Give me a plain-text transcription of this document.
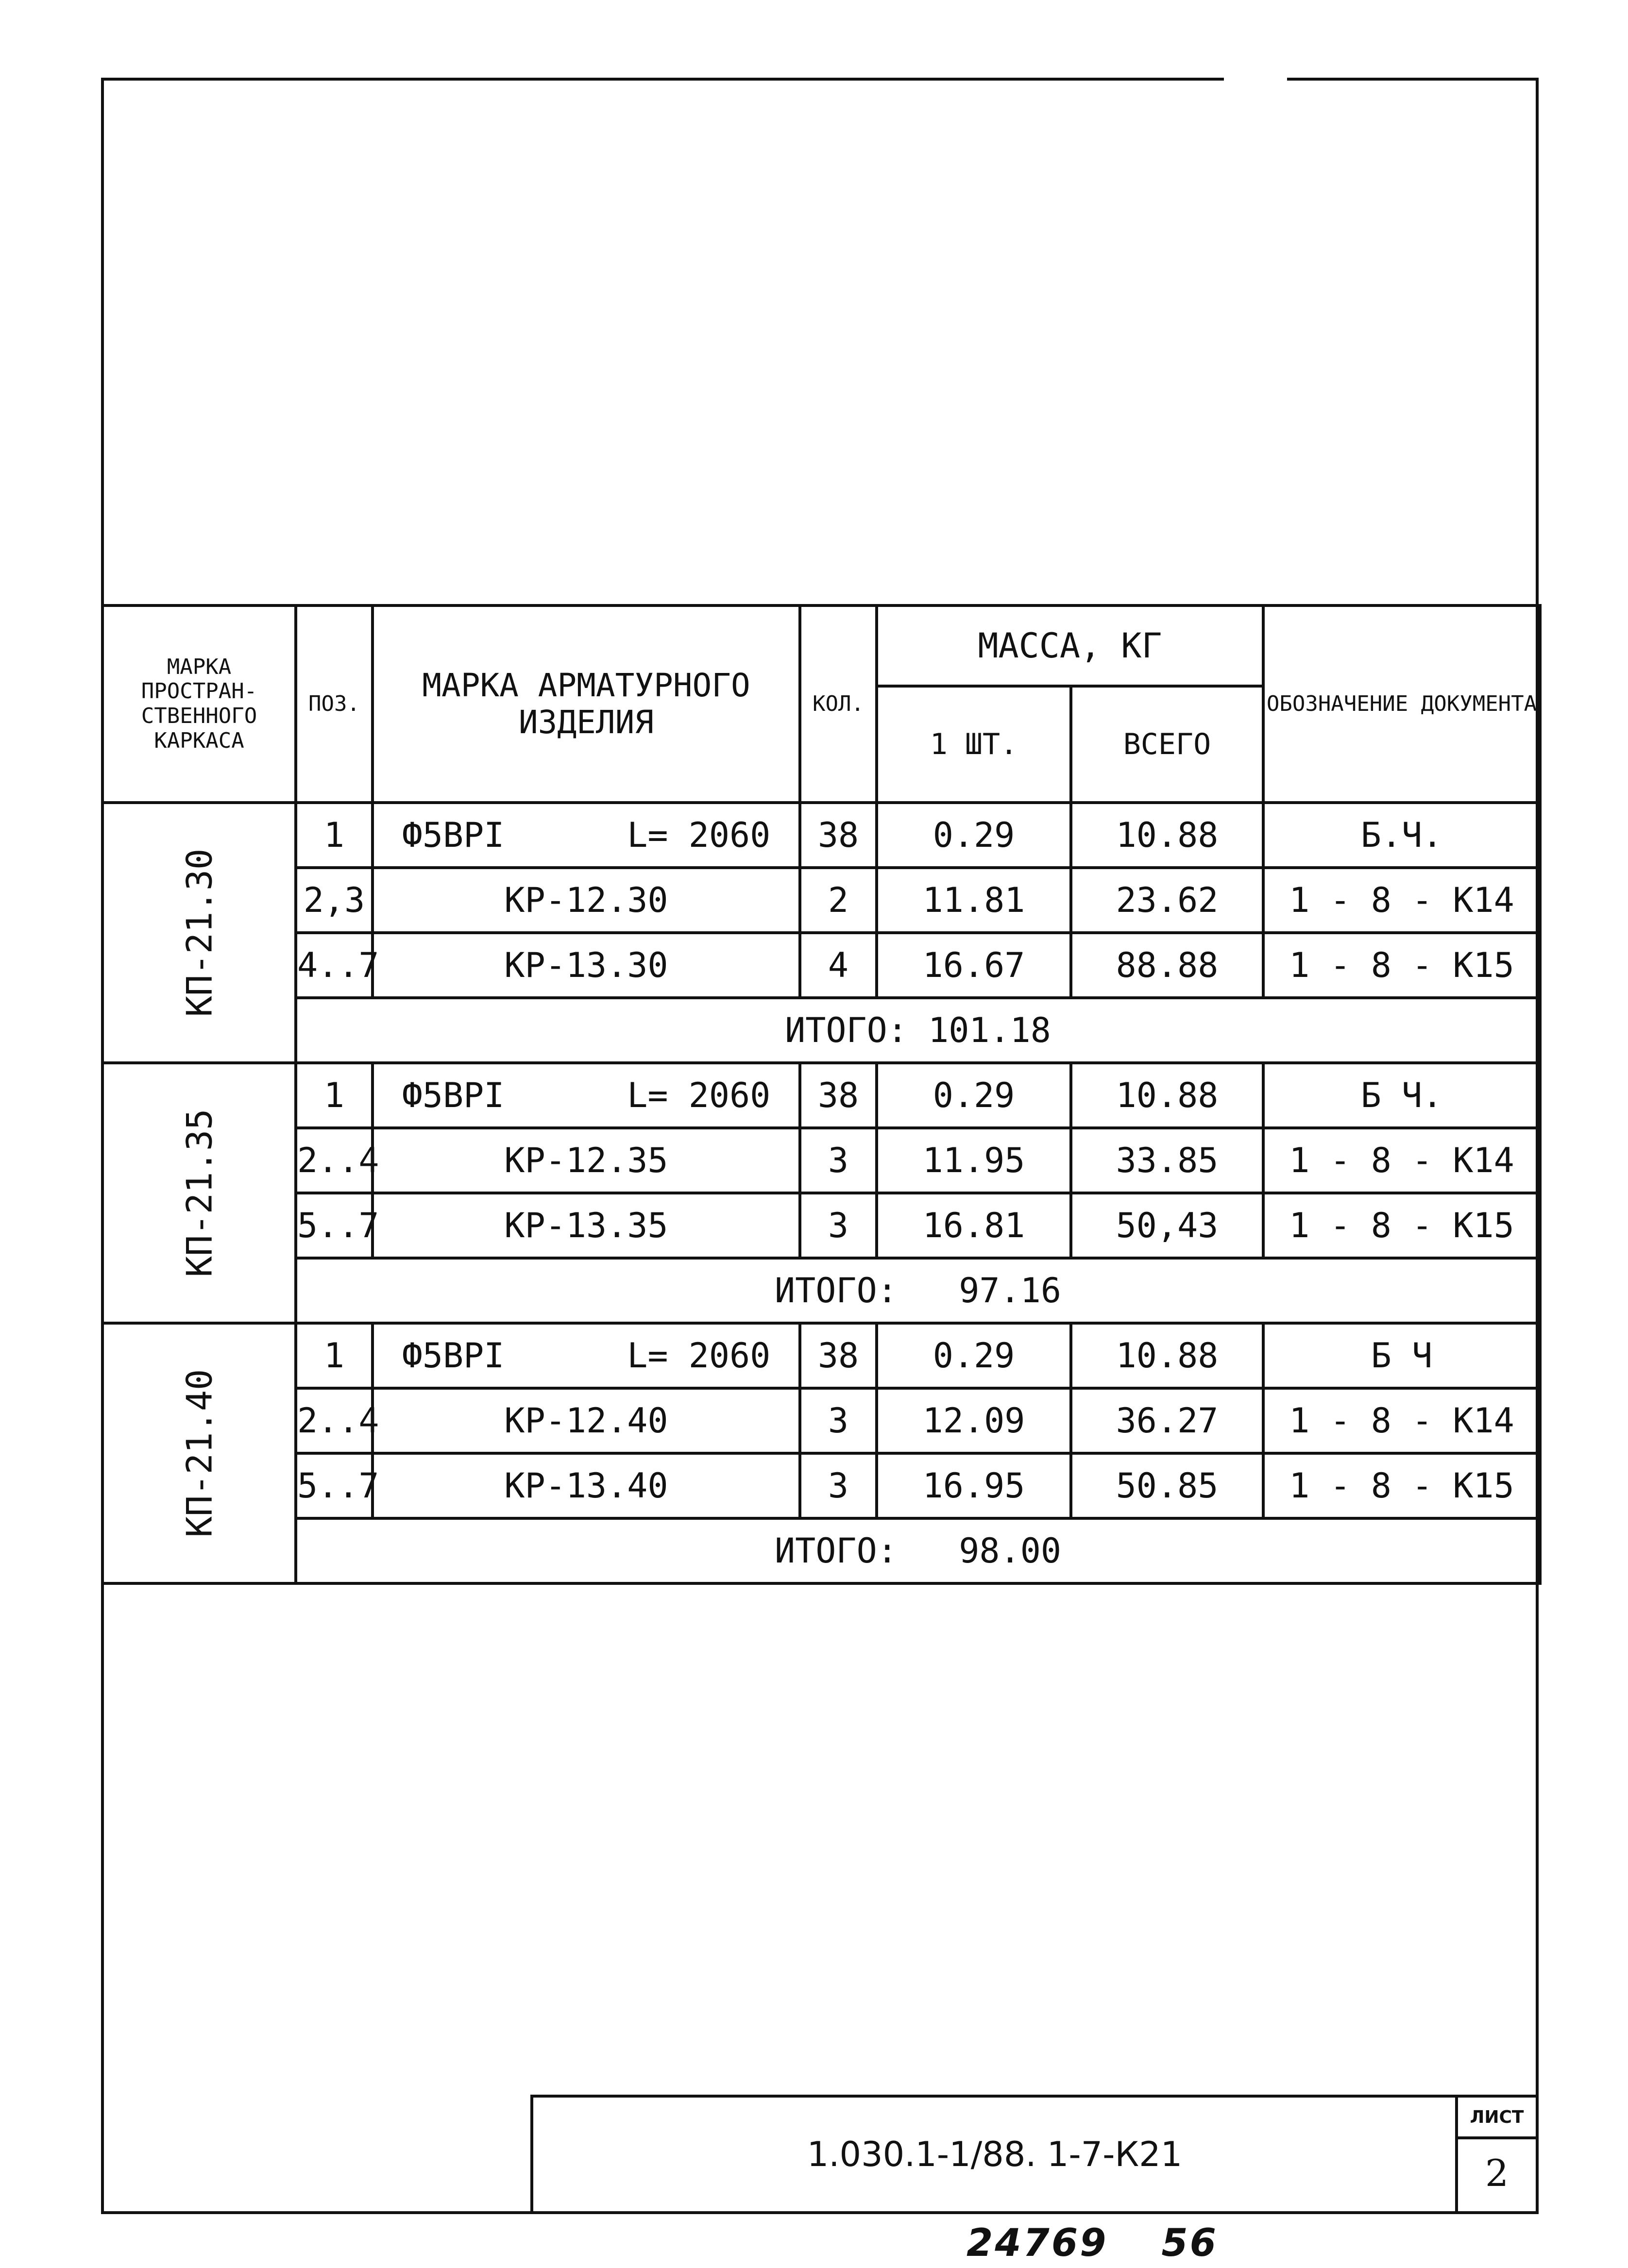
МАРКА ПРОСТРАН-СТВЕННОГО КАРКАСА	ПОЗ.	МАРКА АРМАТУРНОГО ИЗДЕЛИЯ	КОЛ.	МАССА, КГ		ОБОЗНАЧЕНИЕ ДОКУМЕНТА
				1 ШТ.	ВСЕГО	
КП-21.30	1	Ф5ВРI      L= 2060	38	0.29	10.88	Б.Ч.
	2,3	КР-12.30	2	11.81	23.62	1 - 8 - К14
	4..7	КР-13.30	4	16.67	88.88	1 - 8 - К15
	ИТОГО: 101.18					
КП-21.35	1	Ф5ВРI      L= 2060	38	0.29	10.88	Б Ч.
	2..4	КР-12.35	3	11.95	33.85	1 - 8 - К14
	5..7	КР-13.35	3	16.81	50,43	1 - 8 - К15
	ИТОГО:   97.16					
КП-21.40	1	Ф5ВРI      L= 2060	38	0.29	10.88	Б Ч
	2..4	КР-12.40	3	12.09	36.27	1 - 8 - К14
	5..7	КР-13.40	3	16.95	50.85	1 - 8 - К15
	ИТОГО:   98.00					
1.030.1-1/88. 1-7-К21
ЛИСТ
2
24769 56
